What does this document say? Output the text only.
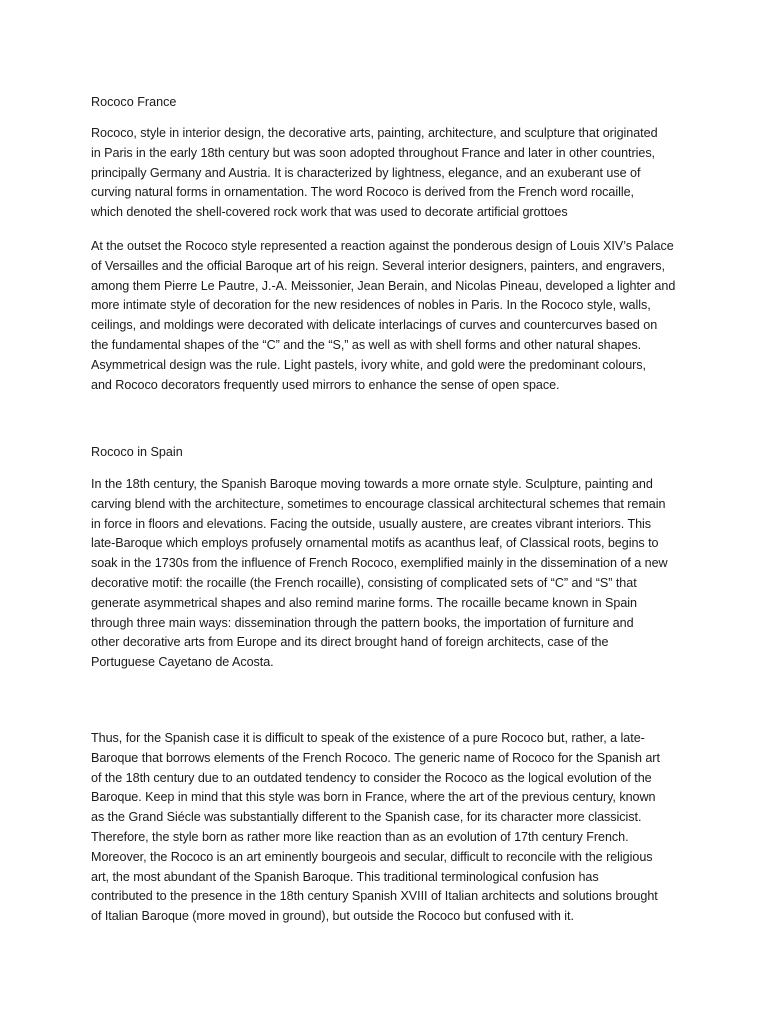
Rococo France
Rococo, style in interior design, the decorative arts, painting, architecture, and sculpture that originated
in Paris in the early 18th century but was soon adopted throughout France and later in other countries,
principally Germany and Austria. It is characterized by lightness, elegance, and an exuberant use of
curving natural forms in ornamentation. The word Rococo is derived from the French word rocaille,
which denoted the shell-covered rock work that was used to decorate artificial grottoes
At the outset the Rococo style represented a reaction against the ponderous design of Louis XIV’s Palace
of Versailles and the official Baroque art of his reign. Several interior designers, painters, and engravers,
among them Pierre Le Pautre, J.-A. Meissonier, Jean Berain, and Nicolas Pineau, developed a lighter and
more intimate style of decoration for the new residences of nobles in Paris. In the Rococo style, walls,
ceilings, and moldings were decorated with delicate interlacings of curves and countercurves based on
the fundamental shapes of the “C” and the “S,” as well as with shell forms and other natural shapes.
Asymmetrical design was the rule. Light pastels, ivory white, and gold were the predominant colours,
and Rococo decorators frequently used mirrors to enhance the sense of open space.
Rococo in Spain
In the 18th century, the Spanish Baroque moving towards a more ornate style. Sculpture, painting and
carving blend with the architecture, sometimes to encourage classical architectural schemes that remain
in force in floors and elevations. Facing the outside, usually austere, are creates vibrant interiors. This
late-Baroque which employs profusely ornamental motifs as acanthus leaf, of Classical roots, begins to
soak in the 1730s from the influence of French Rococo, exemplified mainly in the dissemination of a new
decorative motif: the rocaille (the French rocaille), consisting of complicated sets of “C” and “S” that
generate asymmetrical shapes and also remind marine forms. The rocaille became known in Spain
through three main ways: dissemination through the pattern books, the importation of furniture and
other decorative arts from Europe and its direct brought hand of foreign architects, case of the
Portuguese Cayetano de Acosta.
Thus, for the Spanish case it is difficult to speak of the existence of a pure Rococo but, rather, a late-
Baroque that borrows elements of the French Rococo. The generic name of Rococo for the Spanish art
of the 18th century due to an outdated tendency to consider the Rococo as the logical evolution of the
Baroque. Keep in mind that this style was born in France, where the art of the previous century, known
as the Grand Siécle was substantially different to the Spanish case, for its character more classicist.
Therefore, the style born as rather more like reaction than as an evolution of 17th century French.
Moreover, the Rococo is an art eminently bourgeois and secular, difficult to reconcile with the religious
art, the most abundant of the Spanish Baroque. This traditional terminological confusion has
contributed to the presence in the 18th century Spanish XVIII of Italian architects and solutions brought
of Italian Baroque (more moved in ground), but outside the Rococo but confused with it.
